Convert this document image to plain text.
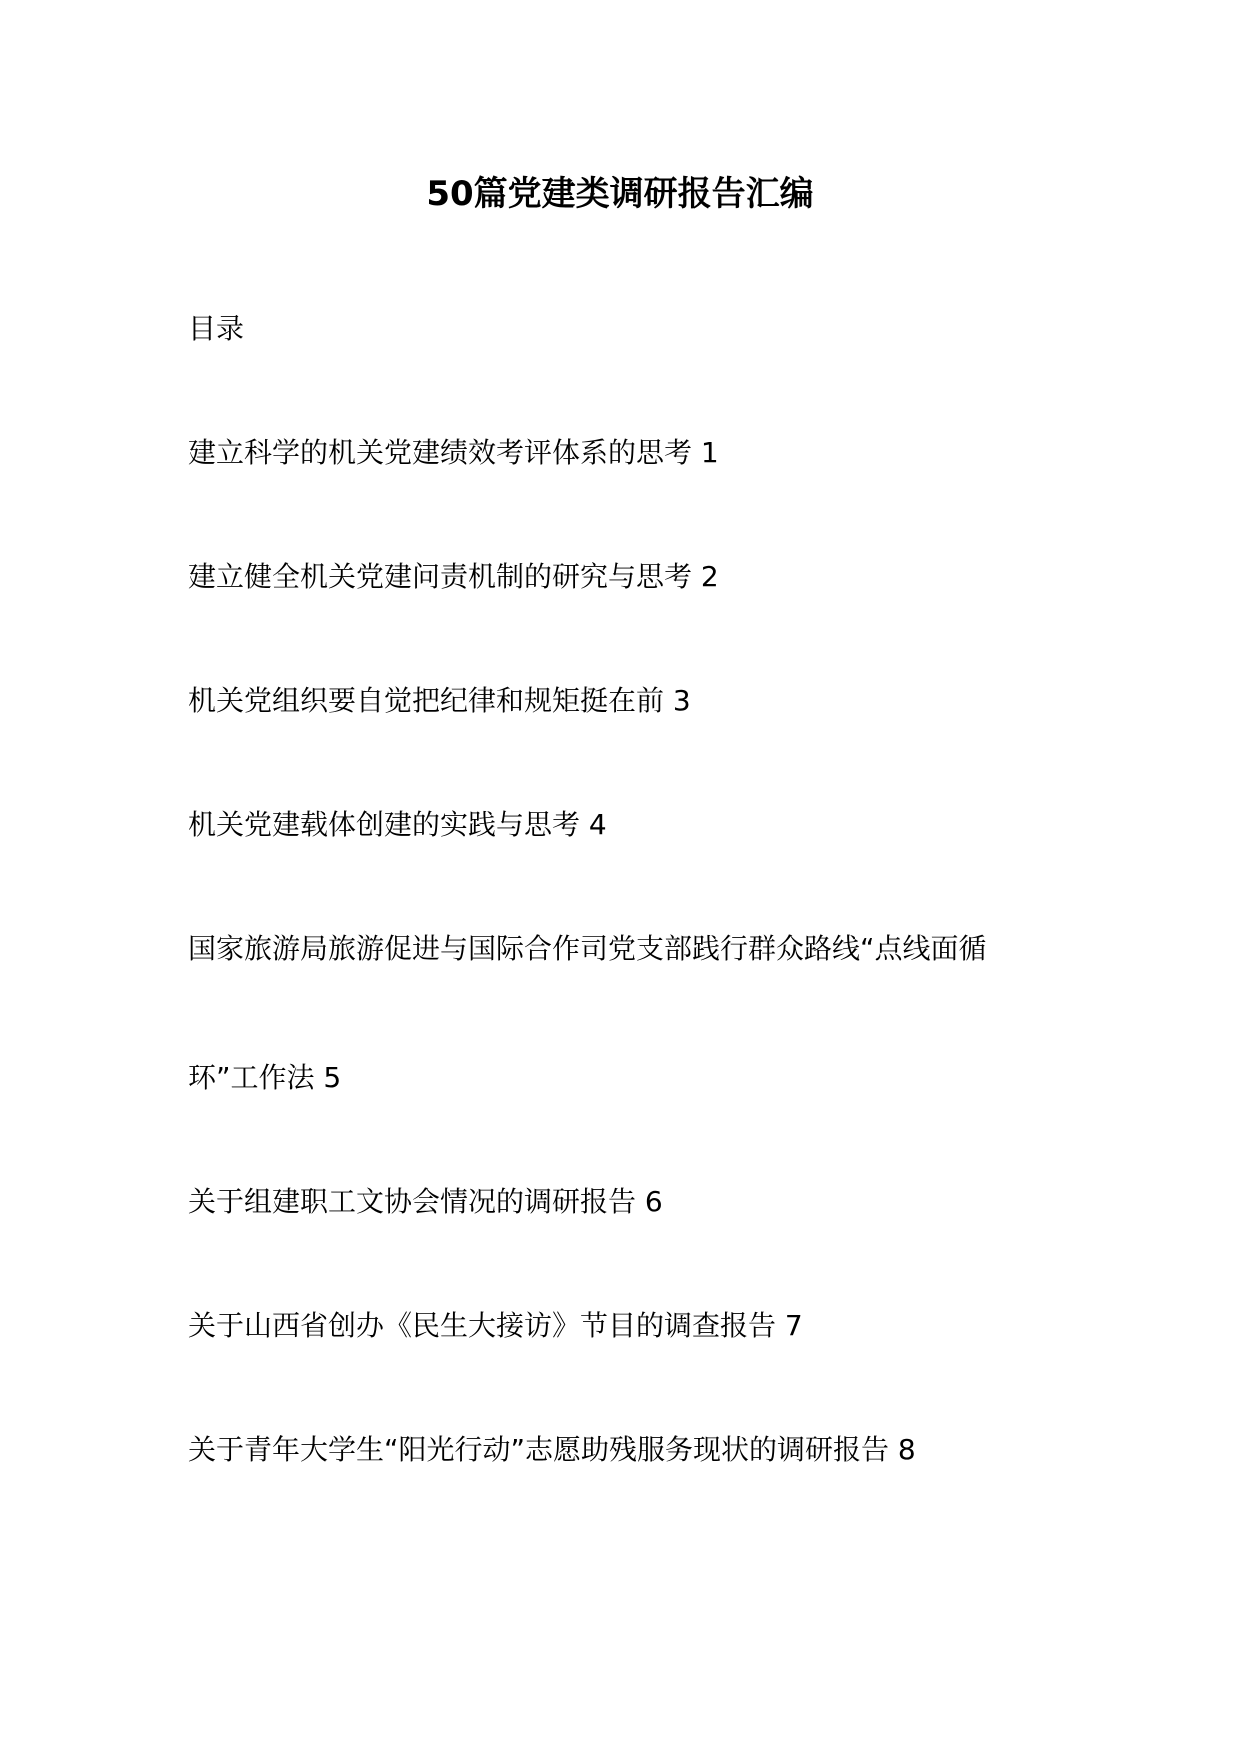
50篇党建类调研报告汇编
目录
建立科学的机关党建绩效考评体系的思考 1
建立健全机关党建问责机制的研究与思考 2
机关党组织要自觉把纪律和规矩挺在前 3
机关党建载体创建的实践与思考 4
国家旅游局旅游促进与国际合作司党支部践行群众路线“点线面循
环”工作法 5
关于组建职工文协会情况的调研报告 6
关于山西省创办《民生大接访》节目的调查报告 7
关于青年大学生“阳光行动”志愿助残服务现状的调研报告 8
